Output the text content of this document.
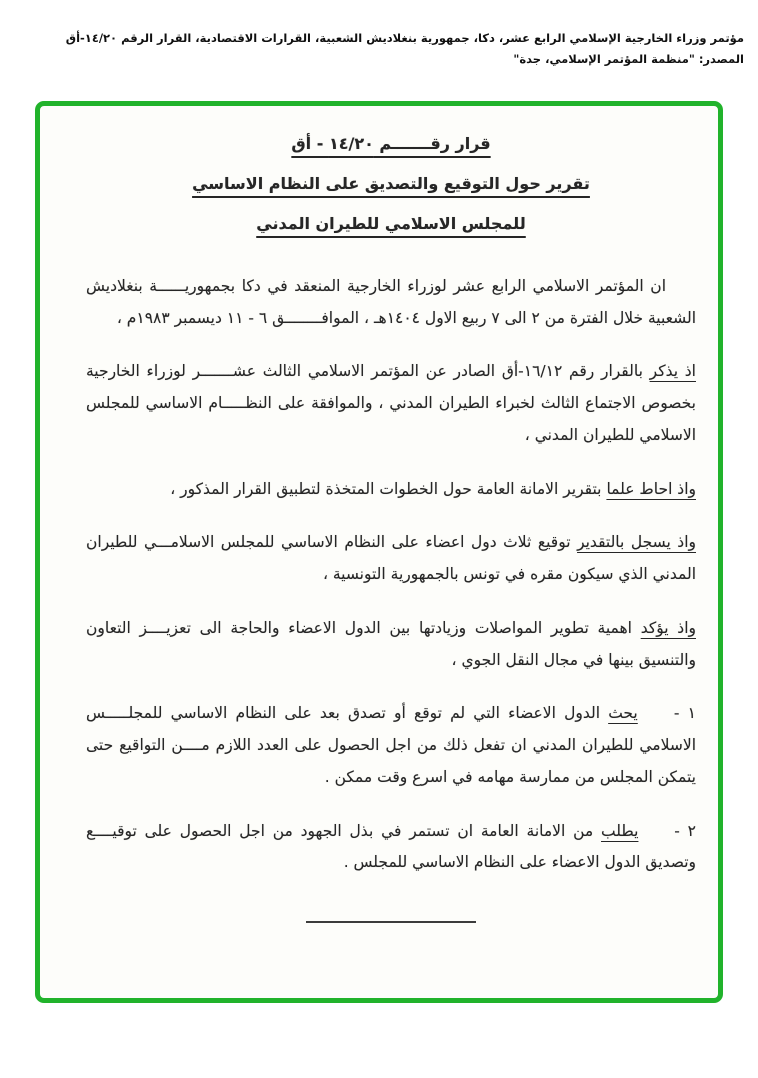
مؤتمر وزراء الخارجية الإسلامي الرابع عشر، دكا، جمهورية بنغلاديش الشعبية، القرارات الاقتصادية، القرار الرقم ١٤/٢٠-أق
المصدر: "منظمة المؤتمر الإسلامي، جدة"
قرار رقـــــــم ١٤/٢٠ - أق
تقرير حول التوقيع والتصديق على النظام الاساسي
للمجلس الاسلامي للطيران المدني

ان المؤتمر الاسلامي الرابع عشر لوزراء الخارجية المنعقد في دكا بجمهوريــــــة بنغلاديش الشعبية خلال الفترة من ٢ الى ٧ ربيع الاول ١٤٠٤هـ ، الموافــــــــق ٦ - ١١ ديسمبر ١٩٨٣م ،

اذ يذكر بالقرار رقم ١٦/١٢-أق الصادر عن المؤتمر الاسلامي الثالث عشـــــــر لوزراء الخارجية بخصوص الاجتماع الثالث لخبراء الطيران المدني ، والموافقة على النظـــــام الاساسي للمجلس الاسلامي للطيران المدني ،

واذ احاط علما بتقرير الامانة العامة حول الخطوات المتخذة لتطبيق القرار المذكور ،

واذ يسجل بالتقدير توقيع ثلاث دول اعضاء على النظام الاساسي للمجلس الاسلامـــي للطيران المدني الذي سيكون مقره في تونس بالجمهورية التونسية ،

واذ يؤكد اهمية تطوير المواصلات وزيادتها بين الدول الاعضاء والحاجة الى تعزيــــز التعاون والتنسيق بينها في مجال النقل الجوي ،

١ - يحث الدول الاعضاء التي لم توقع أو تصدق بعد على النظام الاساسي للمجلـــــس الاسلامي للطيران المدني ان تفعل ذلك من اجل الحصول على العدد اللازم مــــن التواقيع حتى يتمكن المجلس من ممارسة مهامه في اسرع وقت ممكن .

٢ - يطلب من الامانة العامة ان تستمر في بذل الجهود من اجل الحصول على توقيــــع وتصديق الدول الاعضاء على النظام الاساسي للمجلس .
